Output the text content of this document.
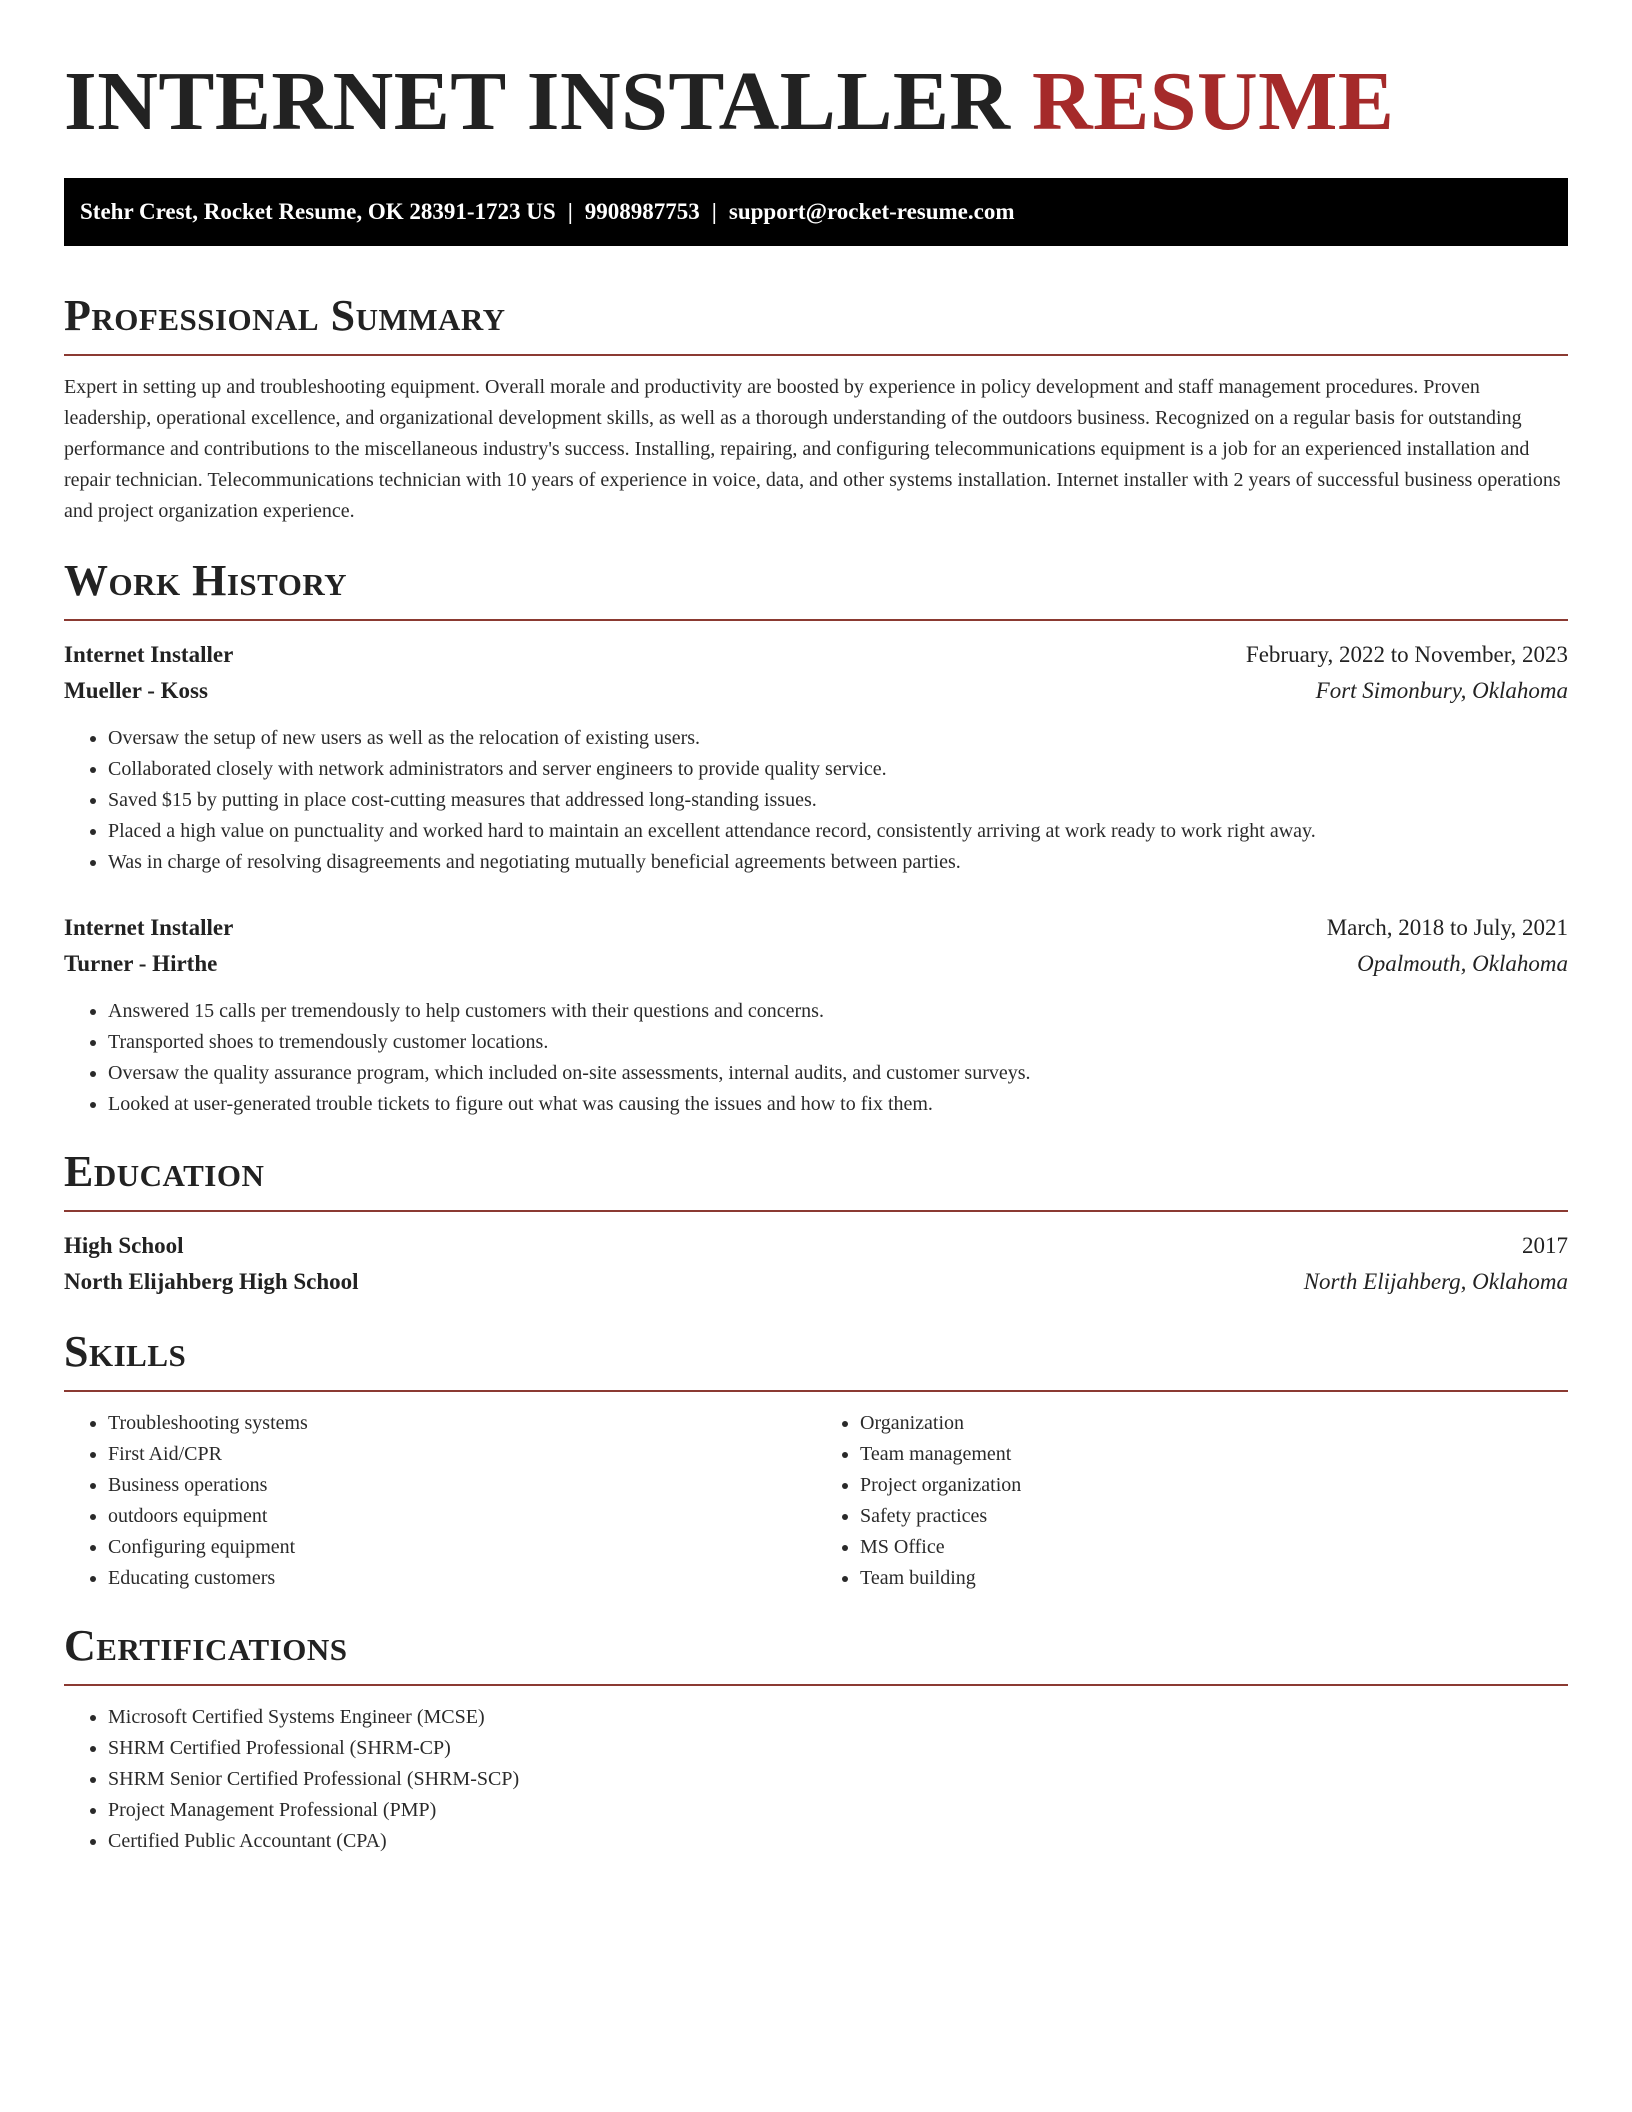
INTERNET INSTALLER RESUME
Stehr Crest, Rocket Resume, OK 28391-1723 US | 9908987753 | support@rocket-resume.com
Professional Summary

Expert in setting up and troubleshooting equipment. Overall morale and productivity are boosted by experience in policy development and staff management procedures. Proven leadership, operational excellence, and organizational development skills, as well as a thorough understanding of the outdoors business. Recognized on a regular basis for outstanding performance and contributions to the miscellaneous industry's success. Installing, repairing, and configuring telecommunications equipment is a job for an experienced installation and repair technician. Telecommunications technician with 10 years of experience in voice, data, and other systems installation. Internet installer with 2 years of successful business operations and project organization experience.

Work History
Internet Installer	February, 2022 to November, 2023
Mueller - Koss	Fort Simonbury, Oklahoma
• Oversaw the setup of new users as well as the relocation of existing users.
• Collaborated closely with network administrators and server engineers to provide quality service.
• Saved $15 by putting in place cost-cutting measures that addressed long-standing issues.
• Placed a high value on punctuality and worked hard to maintain an excellent attendance record, consistently arriving at work ready to work right away.
• Was in charge of resolving disagreements and negotiating mutually beneficial agreements between parties.
Internet Installer	March, 2018 to July, 2021
Turner - Hirthe	Opalmouth, Oklahoma
• Answered 15 calls per tremendously to help customers with their questions and concerns.
• Transported shoes to tremendously customer locations.
• Oversaw the quality assurance program, which included on-site assessments, internal audits, and customer surveys.
• Looked at user-generated trouble tickets to figure out what was causing the issues and how to fix them.
Education
High School	2017
North Elijahberg High School	North Elijahberg, Oklahoma
Skills
• Troubleshooting systems
• First Aid/CPR
• Business operations
• outdoors equipment
• Configuring equipment
• Educating customers
• Organization
• Team management
• Project organization
• Safety practices
• MS Office
• Team building
Certifications
• Microsoft Certified Systems Engineer (MCSE)
• SHRM Certified Professional (SHRM-CP)
• SHRM Senior Certified Professional (SHRM-SCP)
• Project Management Professional (PMP)
• Certified Public Accountant (CPA)
